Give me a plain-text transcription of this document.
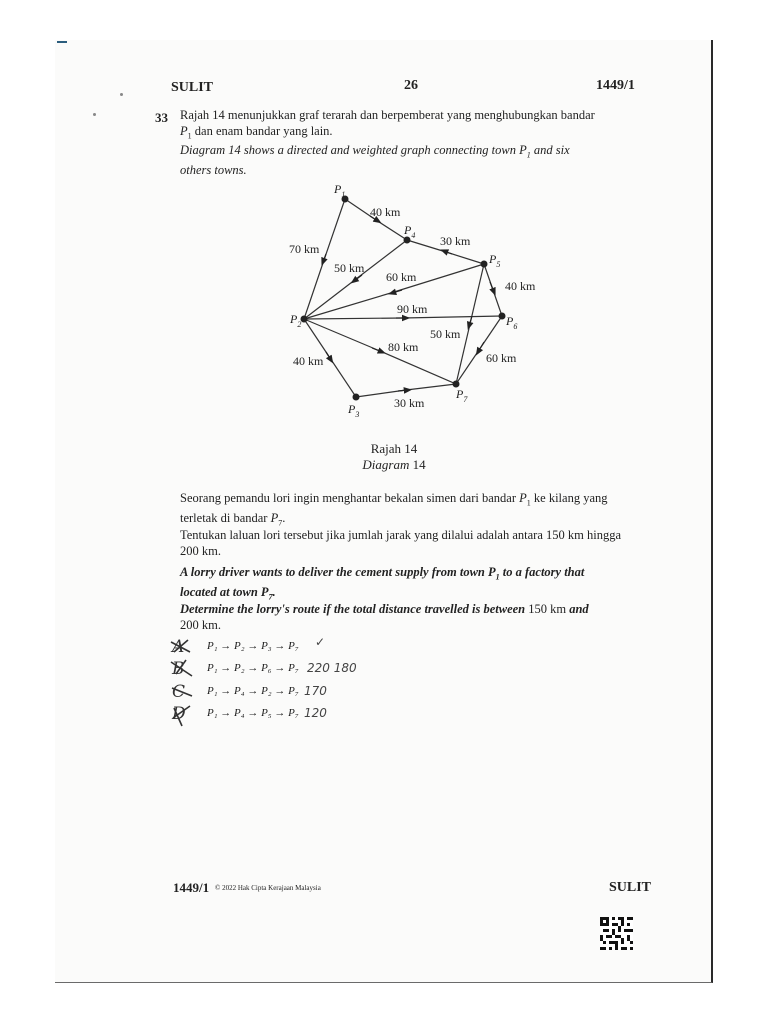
SULIT	26	1449/1
33 Rajah 14 menunjukkan graf terarah dan berpemberat yang menghubungkan bandar
$P_1$ dan enam bandar yang lain.
Diagram 14 shows a directed and weighted graph connecting town $P_1$ and six
others towns.
$P_1$
$P_2$
$P_3$
$P_4$
$P_5$
$P_6$
$P_7$
40 km
30 km
70 km
50 km
60 km
40 km
90 km
50 km
80 km
60 km
40 km
30 km
Rajah 14
Diagram 14
Seorang pemandu lori ingin menghantar bekalan simen dari bandar $P_1$ ke kilang yang
terletak di bandar $P_7$.
Tentukan laluan lori tersebut jika jumlah jarak yang dilalui adalah antara 150 km hingga
200 km.
A lorry driver wants to deliver the cement supply from town $P_1$ to a factory that
located at town $P_7$.
Determine the lorry's route if the total distance travelled is between 150 km and
200 km.
A P₁ → P₂ → P₃ → P₇ ✓
B P₁ → P₂ → P₆ → P₇ 220 180
C P₁ → P₄ → P₂ → P₇ 170
D P₁ → P₄ → P₅ → P₇ 120
1449/1 © 2022 Hak Cipta Kerajaan Malaysia	SULIT
